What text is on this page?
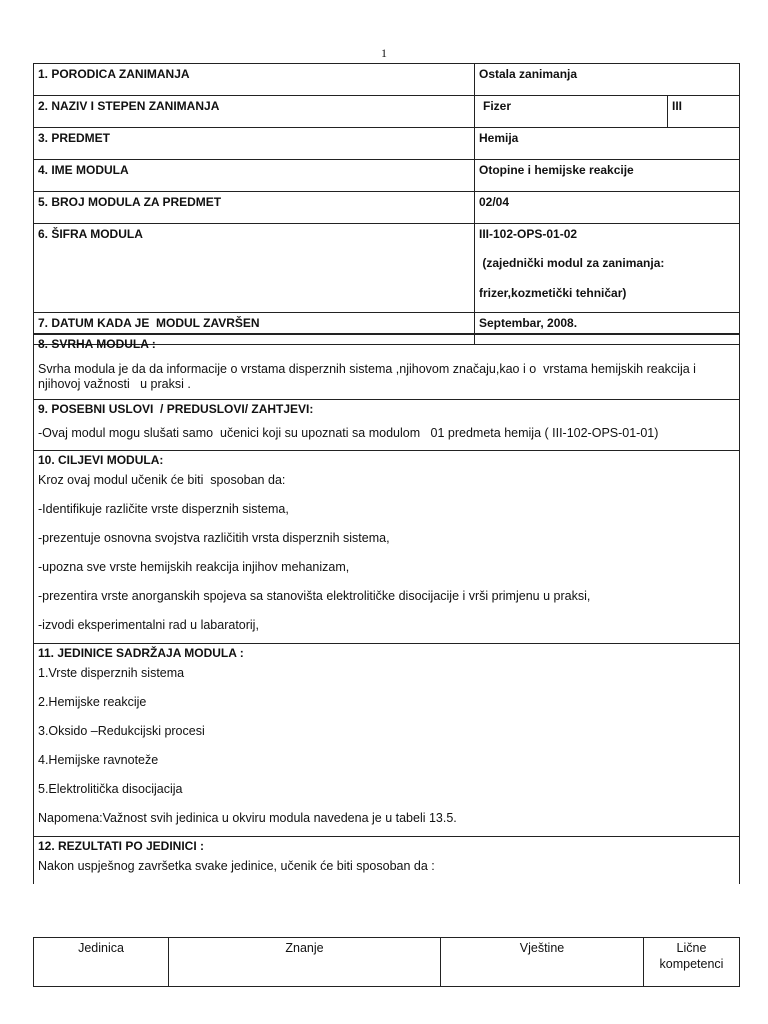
1
1. PORODICA ZANIMANJA	Ostala zanimanja	
2. NAZIV I STEPEN ZANIMANJA	Fizer	III
3. PREDMET	Hemija	
4. IME MODULA	Otopine i hemijske reakcije	
5. BROJ MODULA ZA PREDMET	02/04	
6. ŠIFRA MODULA	III-102-OPS-01-02
(zajednički modul za zanimanja:
frizer,kozmetički tehničar)	

7. DATUM KADA JE  MODUL ZAVRŠEN	Septembar, 2008.	
8. SVRHA MODULA :
Svrha modula je da da informacije o vrstama disperznih sistema ,njihovom značaju,kao i o  vrstama hemijskih reakcija i njihovoj važnosti   u praksi .

9. POSEBNI USLOVI  / PREDUSLOVI/ ZAHTJEVI:
-Ovaj modul mogu slušati samo  učenici koji su upoznati sa modulom   01 predmeta hemija ( III-102-OPS-01-01)

10. CILJEVI MODULA:
Kroz ovaj modul učenik će biti  sposoban da:
-Identifikuje različite vrste disperznih sistema,
-prezentuje osnovna svojstva različitih vrsta disperznih sistema,
-upozna sve vrste hemijskih reakcija injihov mehanizam,
-prezentira vrste anorganskih spojeva sa stanovišta elektrolitičke disocijacije i vrši primjenu u praksi,
-izvodi eksperimentalni rad u labaratorij,

11. JEDINICE SADRŽAJA MODULA :
1.Vrste disperznih sistema
2.Hemijske reakcije
3.Oksido –Redukcijski procesi
4.Hemijske ravnoteže
5.Elektrolitička disocijacija
Napomena:Važnost svih jedinica u okviru modula navedena je u tabeli 13.5.

12. REZULTATI PO JEDINICI :
Nakon uspješnog završetka svake jedinice, učenik će biti sposoban da :
Jedinica	Znanje	Vještine	Lične
kompetenci
